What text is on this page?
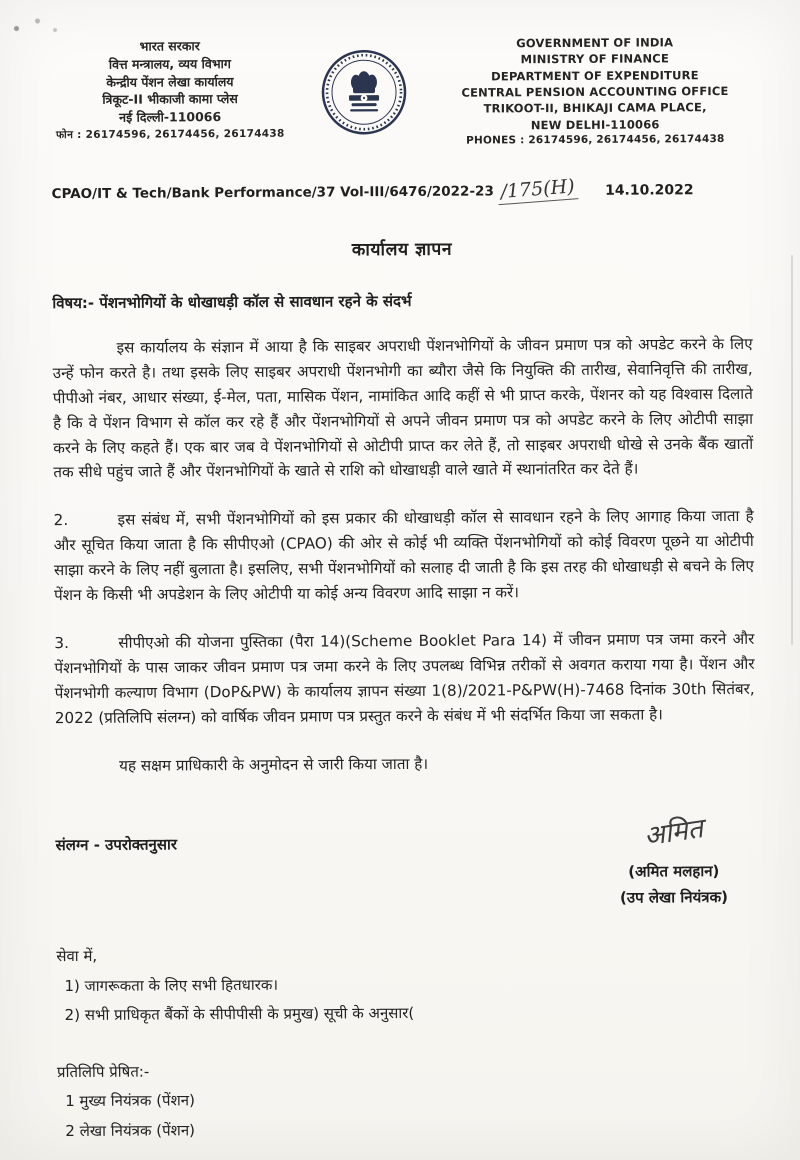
भारत सरकार
वित्त मन्त्रालय, व्यय विभाग
केन्द्रीय पेंशन लेखा कार्यालय
त्रिकूट-II भीकाजी कामा प्लेस
नई दिल्ली-110066
फोन : 26174596, 26174456, 26174438
GOVERNMENT OF INDIA
MINISTRY OF FINANCE
DEPARTMENT OF EXPENDITURE
CENTRAL PENSION ACCOUNTING OFFICE
TRIKOOT-II, BHIKAJI CAMA PLACE,
NEW DELHI-110066
PHONES : 26174596, 26174456, 26174438
CPAO/IT & Tech/Bank Performance/37 Vol-III/6476/2022-23 /175(H) 14.10.2022
कार्यालय ज्ञापन
विषय:- पेंशनभोगियों के धोखाधड़ी कॉल से सावधान रहने के संदर्भ
इस कार्यालय के संज्ञान में आया है कि साइबर अपराधी पेंशनभोगियों के जीवन प्रमाण पत्र को अपडेट करने के लिए उन्हें फोन करते है। तथा इसके लिए साइबर अपराधी पेंशनभोगी का ब्यौरा जैसे कि नियुक्ति की तारीख, सेवानिवृत्ति की तारीख, पीपीओ नंबर, आधार संख्या, ई-मेल, पता, मासिक पेंशन, नामांकित आदि कहीं से भी प्राप्त करके, पेंशनर को यह विश्वास दिलाते है कि वे पेंशन विभाग से कॉल कर रहे हैं और पेंशनभोगियों से अपने जीवन प्रमाण पत्र को अपडेट करने के लिए ओटीपी साझा करने के लिए कहते हैं। एक बार जब वे पेंशनभोगियों से ओटीपी प्राप्त कर लेते हैं, तो साइबर अपराधी धोखे से उनके बैंक खातों तक सीधे पहुंच जाते हैं और पेंशनभोगियों के खाते से राशि को धोखाधड़ी वाले खाते में स्थानांतरित कर देते हैं।
2.	इस संबंध में, सभी पेंशनभोगियों को इस प्रकार की धोखाधड़ी कॉल से सावधान रहने के लिए आगाह किया जाता है और सूचित किया जाता है कि सीपीएओ (CPAO) की ओर से कोई भी व्यक्ति पेंशनभोगियों को कोई विवरण पूछने या ओटीपी साझा करने के लिए नहीं बुलाता है। इसलिए, सभी पेंशनभोगियों को सलाह दी जाती है कि इस तरह की धोखाधड़ी से बचने के लिए पेंशन के किसी भी अपडेशन के लिए ओटीपी या कोई अन्य विवरण आदि साझा न करें।
3.	सीपीएओ की योजना पुस्तिका (पैरा 14)(Scheme Booklet Para 14) में जीवन प्रमाण पत्र जमा करने और पेंशनभोगियों के पास जाकर जीवन प्रमाण पत्र जमा करने के लिए उपलब्ध विभिन्न तरीकों से अवगत कराया गया है। पेंशन और पेंशनभोगी कल्याण विभाग (DoP&PW) के कार्यालय ज्ञापन संख्या 1(8)/2021-P&PW(H)-7468 दिनांक 30th सितंबर, 2022 (प्रतिलिपि संलग्न) को वार्षिक जीवन प्रमाण पत्र प्रस्तुत करने के संबंध में भी संदर्भित किया जा सकता है।
यह सक्षम प्राधिकारी के अनुमोदन से जारी किया जाता है।
संलग्न - उपरोक्तनुसार	अमित
(अमित मलहान)
(उप लेखा नियंत्रक)
सेवा में,
1) जागरूकता के लिए सभी हितधारक।
2) सभी प्राधिकृत बैंकों के सीपीपीसी के प्रमुख) सूची के अनुसार(
प्रतिलिपि प्रेषित:-
1 मुख्य नियंत्रक (पेंशन)
2 लेखा नियंत्रक (पेंशन)
